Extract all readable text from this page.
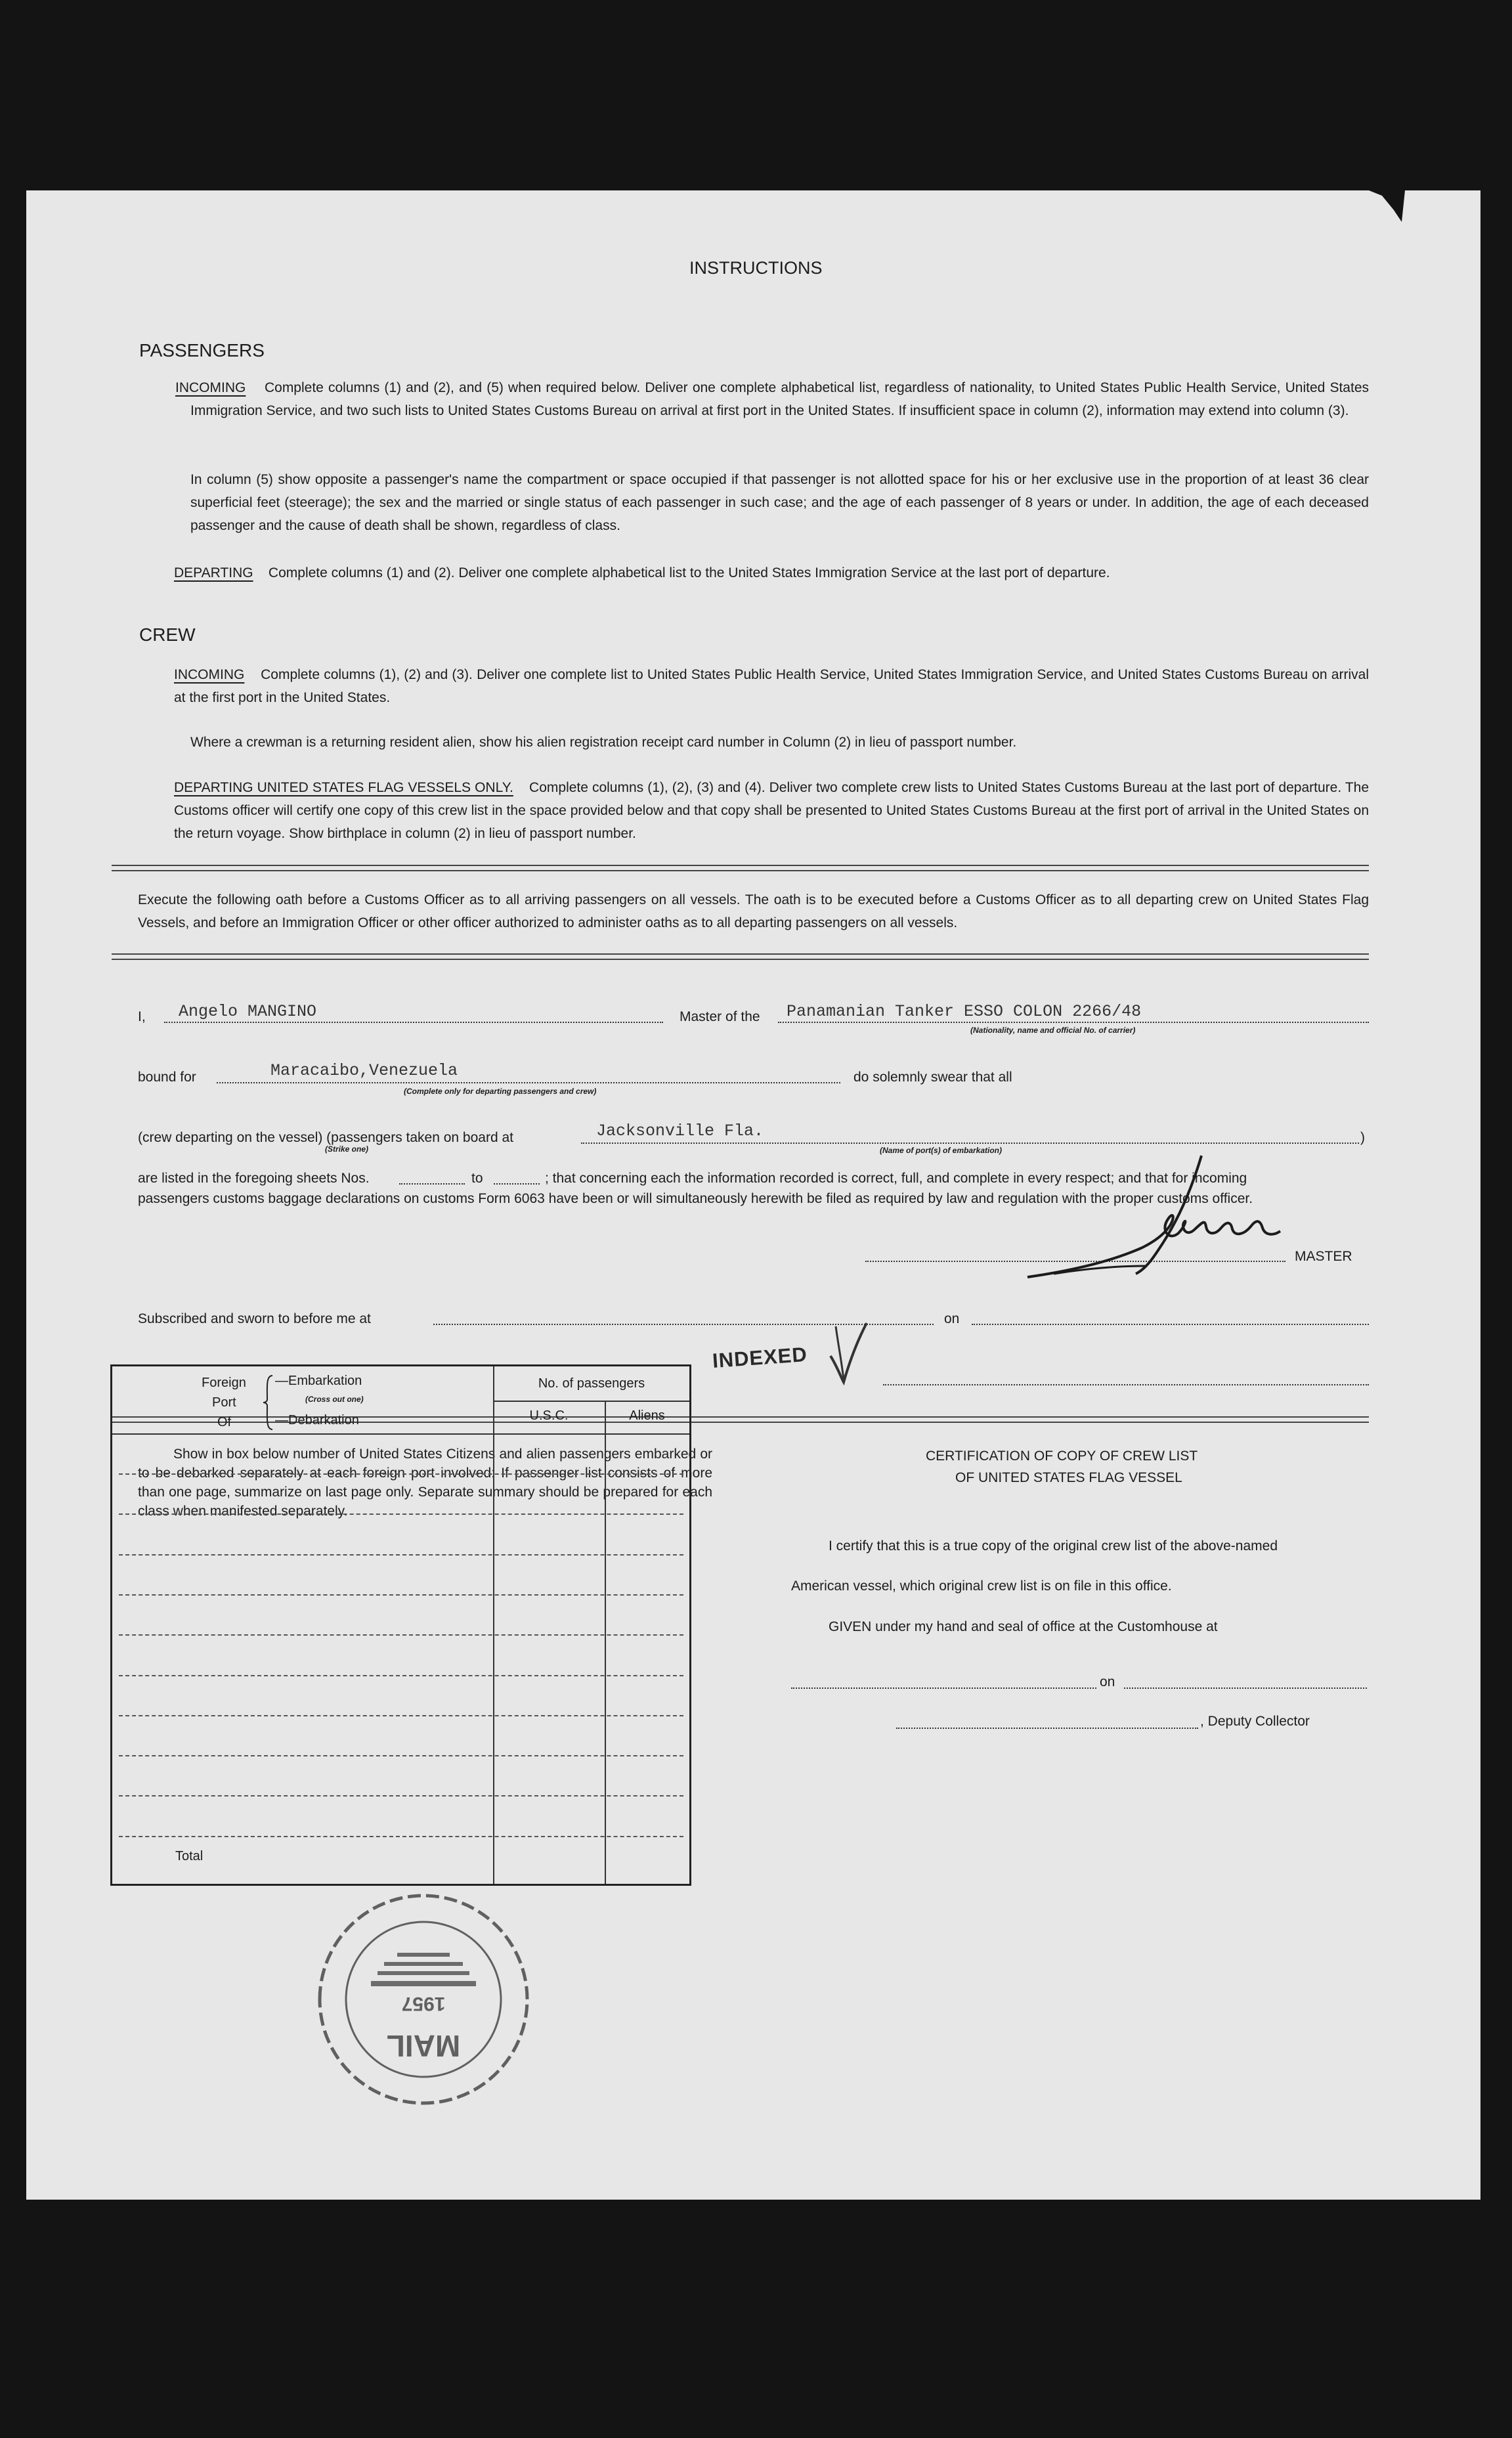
INSTRUCTIONS
PASSENGERS
INCOMING Complete columns (1) and (2), and (5) when required below. Deliver one complete alphabetical list, regardless of nationality, to United States Public Health Service, United States Immigration Service, and two such lists to United States Customs Bureau on arrival at first port in the United States. If insufficient space in column (2), information may extend into column (3).
In column (5) show opposite a passenger's name the compartment or space occupied if that passenger is not allotted space for his or her exclusive use in the proportion of at least 36 clear superficial feet (steerage); the sex and the married or single status of each passenger in such case; and the age of each passenger of 8 years or under. In addition, the age of each deceased passenger and the cause of death shall be shown, regardless of class.
DEPARTING Complete columns (1) and (2). Deliver one complete alphabetical list to the United States Immigration Service at the last port of departure.
CREW
INCOMING Complete columns (1), (2) and (3). Deliver one complete list to United States Public Health Service, United States Immigration Service, and United States Customs Bureau on arrival at the first port in the United States.
Where a crewman is a returning resident alien, show his alien registration receipt card number in Column (2) in lieu of passport number.
DEPARTING UNITED STATES FLAG VESSELS ONLY. Complete columns (1), (2), (3) and (4). Deliver two complete crew lists to United States Customs Bureau at the last port of departure. The Customs officer will certify one copy of this crew list in the space provided below and that copy shall be presented to United States Customs Bureau at the first port of arrival in the United States on the return voyage. Show birthplace in column (2) in lieu of passport number.
Execute the following oath before a Customs Officer as to all arriving passengers on all vessels. The oath is to be executed before a Customs Officer as to all departing crew on United States Flag Vessels, and before an Immigration Officer or other officer authorized to administer oaths as to all departing passengers on all vessels.
I, Angelo MANGINO	Master of the Panamanian Tanker ESSO COLON 2266/48
(Nationality, name and official No. of carrier)
bound for	Maracaibo,Venezuela
(Complete only for departing passengers and crew)
do solemnly swear that all
(crew departing on the vessel) (passengers taken on board at
(Strike one)
Jacksonville Fla.
(Name of port(s) of embarkation)
)
are listed in the foregoing sheets Nos.	to	; that concerning each the information recorded is correct, full, and complete in every respect; and that for incoming
passengers customs baggage declarations on customs Form 6063 have been or will simultaneously herewith be filed as required by law and regulation with the proper customs officer.
MASTER
Subscribed and sworn to before me at	on
INDEXED
Show in box below number of United States Citizens and alien passengers embarked or to be debarked separately at each foreign port involved: If passenger list consists of more than one page, summarize on last page only. Separate summary should be prepared for each class when manifested separately.
Foreign
Port
Of
—Embarkation
(Cross out one)
—Debarkation
No. of passengers
U.S.C.	Aliens
Total
MAIL
1957
CERTIFICATION OF COPY OF CREW LIST
OF UNITED STATES FLAG VESSEL
I certify that this is a true copy of the original crew list of the above-named
American vessel, which original crew list is on file in this office.
GIVEN under my hand and seal of office at the Customhouse at
on
, Deputy Collector
